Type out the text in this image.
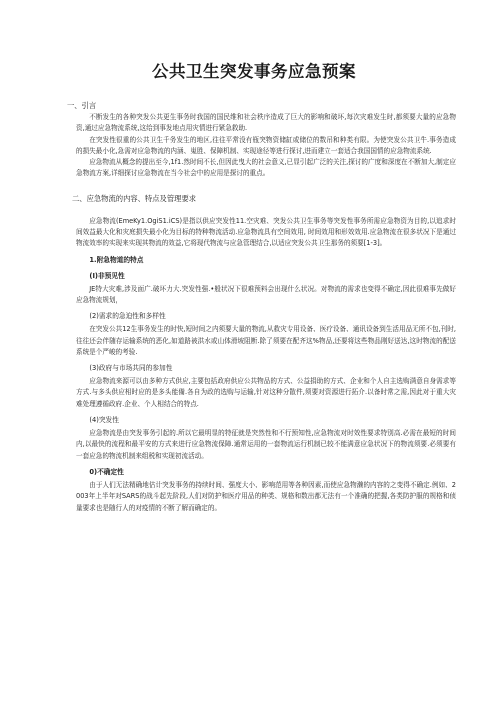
公共卫生突发事务应急预案
一、引言

不断发生的各种突发公共更生事务时我国的国民维和社会秩序造成了巨大的影响和破坏,每次灾难发生时,都须要大量的应急物资,通过应急物流系统,这给到事发地点用灾情进行紧急救助.

在突发性很重的公共卫生千务发生的地区,往往平常没有瓶突物资储缸或储位的数吊和种类有限。为使突发公共卫牛.事务造成的损失最小化,急需对应急物流的内涵、嵬胜、保障机制、实现途径等进行探讨,进而建立一套适合我国国情的应急物流系统.

应急物流从概念的提出至今,1f1.然时间不长,但因此曳大的社会意义,已显引起广泛的关注,探讨的广度和深度在不断加大,制定应急物流方案,详细探讨应急物流在当今社会中的应用是探讨的重点。

二、应急物流的内容、特点及管理要求

应急物流(EmeKy1.OgiS1.iCS)是指以供应突发性11.空灾难、突发公共卫生事务等突发性事务所需应急物资为目的,以追求时间效益最大化和灾庭损失最小化为目标的特种物流活动.应急物流具有空间效用, 时间效用和形效效用.应急物流在很多状况下是通过物流效率的实现来实现其物流的效益,它将现代物流与应急管理结合,以适应突发公共卫生那务的须要[1-3]。

1.附急物道的特点
(I)非预见性

JE特大灾难,涉及面广.破坏力大.突发性强.•般状况下很难预料会出现什么状况。对物流的需求也变得不确定,因此很难事先做好应急物流规划，

(2)需求的急迫性和多样性

在突发公共12生事务发生的时快,短时间之内须要大量的物流,从救灾专用设备、医疗设备、通讯设备到生活用品无所不包,刊时,往往还会伴随存运输系统的恶化,如道路被洪水或山体滑坡阻断.除了须要在配齐这%物品,还要将这些物品刚好送达,这时物流的配送系统是个严峻的考验.

(3)政府与市场共同的参加性

应急物流来源可以由多种方式供应,主要包括政府供应公共物品的方式、公益捐助的方式、企业和个人自主选购满意自身需求等方式.与多头供应相时应的是多头能備.各自为政的选购与运输,针对这种分散件,须要对资源进行拓介.以备时常之需,因此对于重大灾难处理遵循政府.企业、个人相结合的特点.

(4)突发性

应急物流是由突发事务引起的.所以它最明显的特征就是突然性和不行预知性,应急物流对时效性要求特别高.必需在最短的时间内,以最快的流程和最平安的方式来进行应急物流保障.通常运用的一套物流运行机制已较不能满意应急状况下的物流须要.必须要有一套应急的物流机制来组税和实现初流活动。

0)不确定性

由于人们无法精确地估计突发事务的持续时间、强度大小、影响范用等各种因素,而使应急物濑的内容的之变得不确定.例如、2003年上半年对SARS的战斗起先阶段,人们对防护和医疗用品的种类、规格和数出都无法有一个准确的把握,各类防护服的规格和侦量要求也是随行人的对疫情的不断了解而确定的。
